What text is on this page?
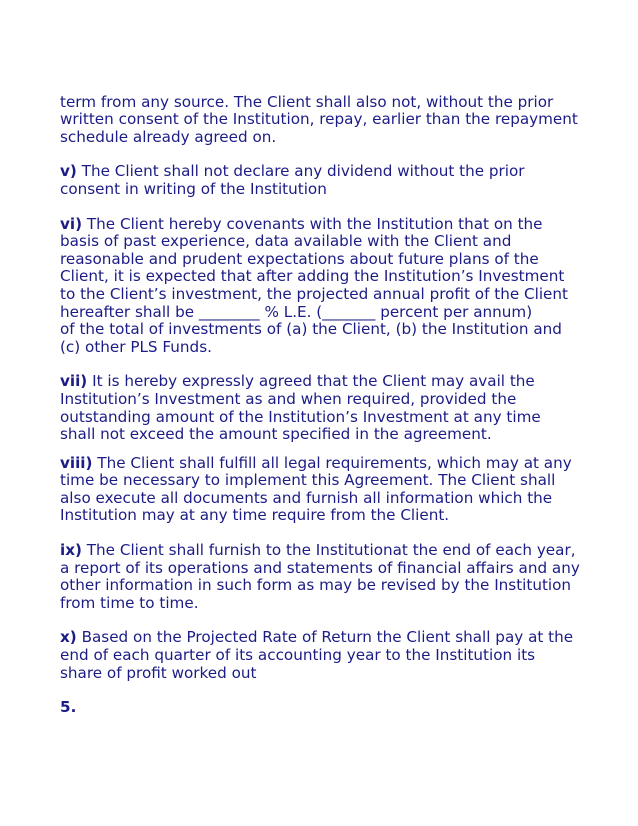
term from any source. The Client shall also not, without the prior
written consent of the Institution, repay, earlier than the repayment
schedule already agreed on.

v) The Client shall not declare any dividend without the prior
consent in writing of the Institution

vi) The Client hereby covenants with the Institution that on the
basis of past experience, data available with the Client and
reasonable and prudent expectations about future plans of the
Client, it is expected that after adding the Institution’s Investment
to the Client’s investment, the projected annual profit of the Client
hereafter shall be ________ % L.E. (_______ percent per annum)
of the total of investments of (a) the Client, (b) the Institution and
(c) other PLS Funds.

vii) It is hereby expressly agreed that the Client may avail the
Institution’s Investment as and when required, provided the
outstanding amount of the Institution’s Investment at any time
shall not exceed the amount specified in the agreement.

viii) The Client shall fulfill all legal requirements, which may at any
time be necessary to implement this Agreement. The Client shall
also execute all documents and furnish all information which the
Institution may at any time require from the Client.

ix) The Client shall furnish to the Institutionat the end of each year,
a report of its operations and statements of financial affairs and any
other information in such form as may be revised by the Institution
from time to time.

x) Based on the Projected Rate of Return the Client shall pay at the
end of each quarter of its accounting year to the Institution its
share of profit worked out

5.
